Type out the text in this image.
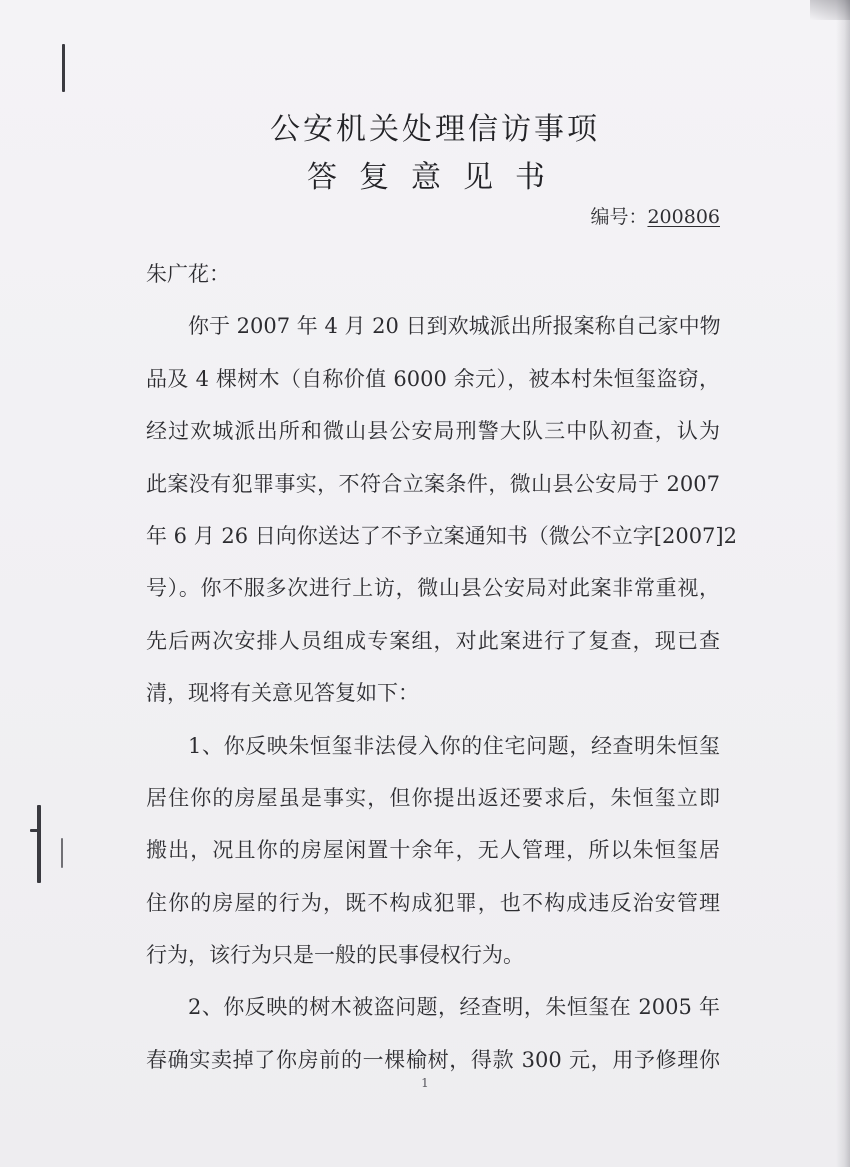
公安机关处理信访事项
答复意见书
编号：200806
朱广花：
你于 2007 年 4 月 20 日到欢城派出所报案称自己家中物
品及 4 棵树木（自称价值 6000 余元），被本村朱恒玺盗窃，
经过欢城派出所和微山县公安局刑警大队三中队初查，认为
此案没有犯罪事实，不符合立案条件，微山县公安局于 2007
年 6 月 26 日向你送达了不予立案通知书（微公不立字[2007]2
号）。你不服多次进行上访，微山县公安局对此案非常重视，
先后两次安排人员组成专案组，对此案进行了复查，现已查
清，现将有关意见答复如下：
1、你反映朱恒玺非法侵入你的住宅问题，经查明朱恒玺
居住你的房屋虽是事实，但你提出返还要求后，朱恒玺立即
搬出，况且你的房屋闲置十余年，无人管理，所以朱恒玺居
住你的房屋的行为，既不构成犯罪，也不构成违反治安管理
行为，该行为只是一般的民事侵权行为。
2、你反映的树木被盗问题，经查明，朱恒玺在 2005 年
春确实卖掉了你房前的一棵榆树，得款 300 元，用予修理你
1
